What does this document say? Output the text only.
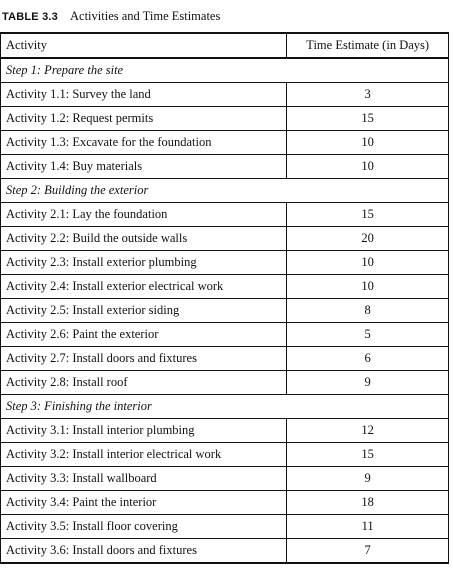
TABLE 3.3 Activities and Time Estimates
Activity	Time Estimate (in Days)
Step 1: Prepare the site	
Activity 1.1: Survey the land	3
Activity 1.2: Request permits	15
Activity 1.3: Excavate for the foundation	10
Activity 1.4: Buy materials	10
Step 2: Building the exterior	
Activity 2.1: Lay the foundation	15
Activity 2.2: Build the outside walls	20
Activity 2.3: Install exterior plumbing	10
Activity 2.4: Install exterior electrical work	10
Activity 2.5: Install exterior siding	8
Activity 2.6: Paint the exterior	5
Activity 2.7: Install doors and fixtures	6
Activity 2.8: Install roof	9
Step 3: Finishing the interior	
Activity 3.1: Install interior plumbing	12
Activity 3.2: Install interior electrical work	15
Activity 3.3: Install wallboard	9
Activity 3.4: Paint the interior	18
Activity 3.5: Install floor covering	11
Activity 3.6: Install doors and fixtures	7
